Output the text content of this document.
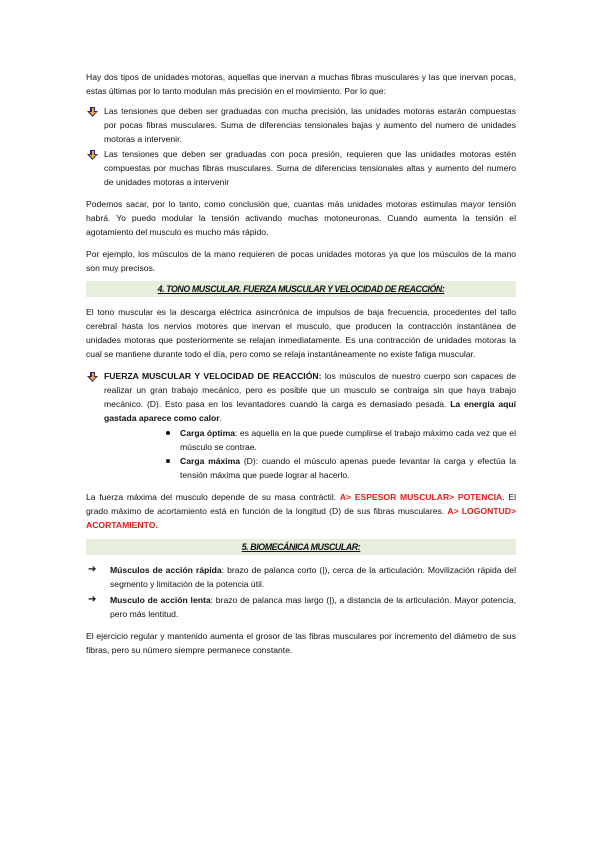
Hay dos tipos de unidades motoras, aquellas que inervan a muchas fibras musculares y las que inervan pocas, estas últimas por lo tanto modulan más precisión en el movimiento. Por lo que:

Las tensiones que deben ser graduadas con mucha precisión, las unidades motoras estarán compuestas por pocas fibras musculares. Suma de diferencias tensionales bajas y aumento del numero de unidades motoras a intervenir.
Las tensiones que deben ser graduadas con poca presión, requieren que las unidades motoras estén compuestas por muchas fibras musculares. Suma de diferencias tensionales altas y aumento del numero de unidades motoras a intervenir

Podemos sacar, por lo tanto, como conclusión que, cuantas más unidades motoras estimulas mayor tensión habrá. Yo puedo modular la tensión activando muchas motoneuronas. Cuando aumenta la tensión el agotamiento del musculo es mucho más rápido.

Por ejemplo, los músculos de la mano requieren de pocas unidades motoras ya que los músculos de la mano son muy precisos.

4. TONO MUSCULAR. FUERZA MUSCULAR Y VELOCIDAD DE REACCIÓN:

El tono muscular es la descarga eléctrica asincrónica de impulsos de baja frecuencia, procedentes del tallo cerebral hasta los nervios motores que inervan el musculo, que producen la contracción instantánea de unidades motoras que posteriormente se relajan inmediatamente. Es una contracción de unidades motoras la cual se mantiene durante todo el día, pero como se relaja instantáneamente no existe fatiga muscular.

FUERZA MUSCULAR Y VELOCIDAD DE REACCIÓN: los músculos de nuestro cuerpo son capaces de realizar un gran trabajo mecánico, pero es posible que un musculo se contraiga sin que haya trabajo mecánico. (D). Esto pasa en los levantadores cuando la carga es demasiado pesada. La energía aquí gastada aparece como calor.
Carga óptima: es aquella en la que puede cumplirse el trabajo máximo cada vez que el músculo se contrae.
Carga máxima (D): cuando el músculo apenas puede levantar la carga y efectúa la tensión máxima que puede lograr al hacerlo.

La fuerza máxima del musculo depende de su masa contráctil. A> ESPESOR MUSCULAR> POTENCIA. El grado máximo de acortamiento está en función de la longitud (D) de sus fibras musculares. A> LOGONTUD> ACORTAMIENTO.

5. BIOMECÁNICA MUSCULAR:
➔ Músculos de acción rápida: brazo de palanca corto (|), cerca de la articulación. Movilización rápida del segmento y limitación de la potencia útil.
➔ Musculo de acción lenta: brazo de palanca mas largo (|), a distancia de la articulación. Mayor potencia, pero más lentitud.

El ejercicio regular y mantenido aumenta el grosor de las fibras musculares por incremento del diámetro de sus fibras, pero su número siempre permanece constante.
